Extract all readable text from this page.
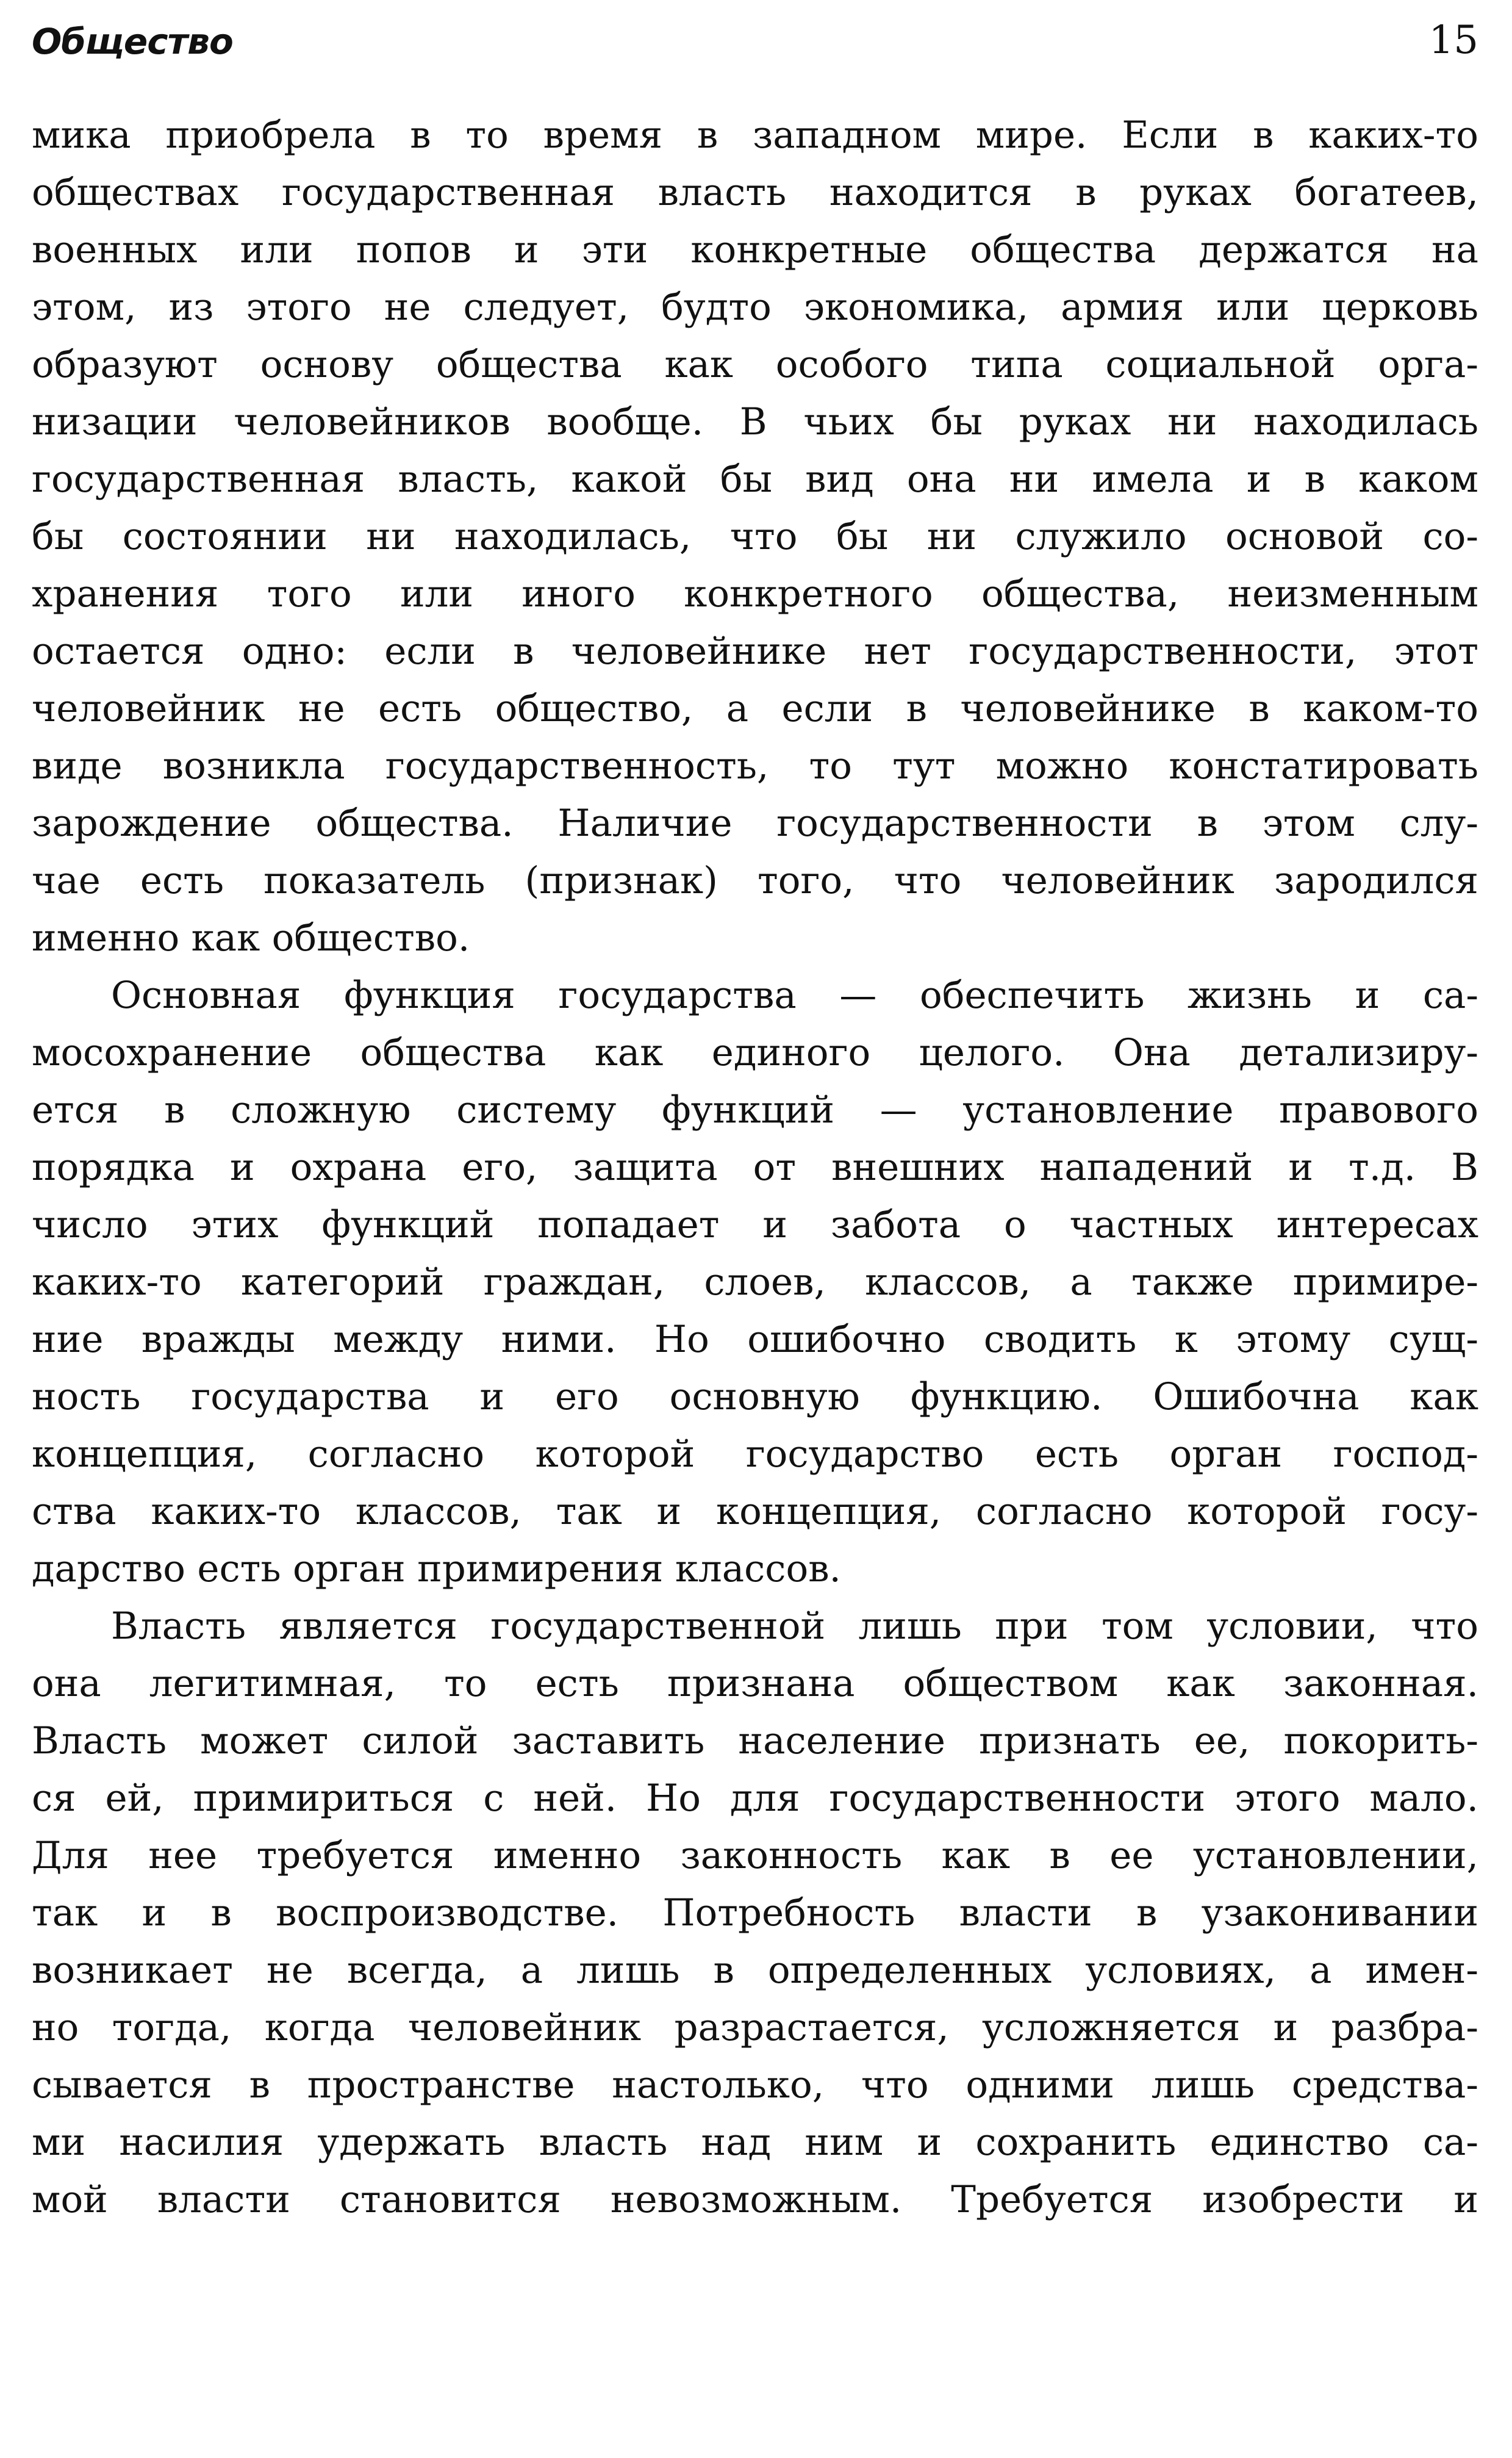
Общество	15
мика приобрела в то время в западном мире. Если в каких-то
обществах государственная власть находится в руках богатеев,
военных или попов и эти конкретные общества держатся на
этом, из этого не следует, будто экономика, армия или церковь
образуют основу общества как особого типа социальной орга-
низации человейников вообще. В чьих бы руках ни находилась
государственная власть, какой бы вид она ни имела и в каком
бы состоянии ни находилась, что бы ни служило основой со-
хранения того или иного конкретного общества, неизменным
остается одно: если в человейнике нет государственности, этот
человейник не есть общество, а если в человейнике в каком-то
виде возникла государственность, то тут можно констатировать
зарождение общества. Наличие государственности в этом слу-
чае есть показатель (признак) того, что человейник зародился
именно как общество.
Основная функция государства — обеспечить жизнь и са-
мосохранение общества как единого целого. Она детализиру-
ется в сложную систему функций — установление правового
порядка и охрана его, защита от внешних нападений и т.д. В
число этих функций попадает и забота о частных интересах
каких-то категорий граждан, слоев, классов, а также примире-
ние вражды между ними. Но ошибочно сводить к этому сущ-
ность государства и его основную функцию. Ошибочна как
концепция, согласно которой государство есть орган господ-
ства каких-то классов, так и концепция, согласно которой госу-
дарство есть орган примирения классов.
Власть является государственной лишь при том условии, что
она легитимная, то есть признана обществом как законная.
Власть может силой заставить население признать ее, покорить-
ся ей, примириться с ней. Но для государственности этого мало.
Для нее требуется именно законность как в ее установлении,
так и в воспроизводстве. Потребность власти в узаконивании
возникает не всегда, а лишь в определенных условиях, а имен-
но тогда, когда человейник разрастается, усложняется и разбра-
сывается в пространстве настолько, что одними лишь средства-
ми насилия удержать власть над ним и сохранить единство са-
мой власти становится невозможным. Требуется изобрести и
